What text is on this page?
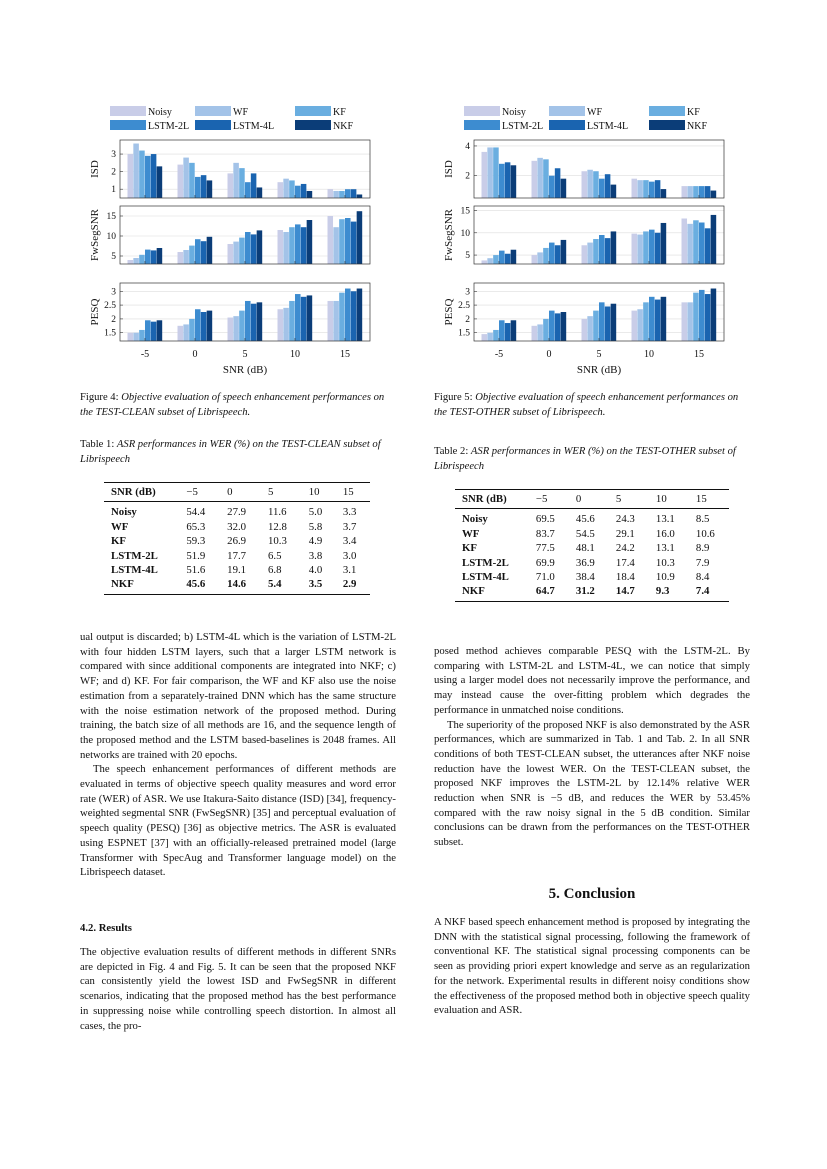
Noisy	WF	KF
LSTM-2L	LSTM-4L	NKF
1
2
3
ISD
5
10
15
FwSegSNR
1.5
2
2.5
3
PESQ
-5	0	5	10	15
SNR (dB)
Noisy	WF	KF
LSTM-2L	LSTM-4L	NKF
2
4
ISD
5
10
15
FwSegSNR
1.5
2
2.5
3
PESQ
-5	0	5	10	15
SNR (dB)
Figure 4: Objective evaluation of speech enhancement performances on the TEST-CLEAN subset of Librispeech.
Figure 5: Objective evaluation of speech enhancement performances on the TEST-OTHER subset of Librispeech.
Table 1: ASR performances in WER (%) on the TEST-CLEAN subset of Librispeech
Table 2: ASR performances in WER (%) on the TEST-OTHER subset of Librispeech
SNR (dB)	−5	0	5	10	15
Noisy	54.4	27.9	11.6	5.0	3.3
WF	65.3	32.0	12.8	5.8	3.7
KF	59.3	26.9	10.3	4.9	3.4
LSTM-2L	51.9	17.7	6.5	3.8	3.0
LSTM-4L	51.6	19.1	6.8	4.0	3.1
NKF	45.6	14.6	5.4	3.5	2.9
SNR (dB)	−5	0	5	10	15
Noisy	69.5	45.6	24.3	13.1	8.5
WF	83.7	54.5	29.1	16.0	10.6
KF	77.5	48.1	24.2	13.1	8.9
LSTM-2L	69.9	36.9	17.4	10.3	7.9
LSTM-4L	71.0	38.4	18.4	10.9	8.4
NKF	64.7	31.2	14.7	9.3	7.4

ual output is discarded; b) LSTM-4L which is the variation of LSTM-2L with four hidden LSTM layers, such that a larger LSTM network is compared with since additional components are integrated into NKF; c) WF; and d) KF. For fair comparison, the WF and KF also use the noise estimation from a separately-trained DNN which has the same structure with the noise estimation network of the proposed method. During training, the batch size of all methods are 16, and the sequence length of the proposed method and the LSTM based-baselines is 2048 frames. All networks are trained with 20 epochs.

The speech enhancement performances of different methods are evaluated in terms of objective speech quality measures and word error rate (WER) of ASR. We use Itakura-Saito distance (ISD) [34], frequency-weighted segmental SNR (FwSegSNR) [35] and perceptual evaluation of speech quality (PESQ) [36] as objective metrics. The ASR is evaluated using ESPNET [37] with an officially-released pretrained model (large Transformer with SpecAug and Transformer language model) on the Librispeech dataset.

4.2. Results

The objective evaluation results of different methods in different SNRs are depicted in Fig. 4 and Fig. 5. It can be seen that the proposed NKF can consistently yield the lowest ISD and FwSegSNR in different scenarios, indicating that the proposed method has the best performance in suppressing noise while controlling speech distortion. In almost all cases, the pro-

posed method achieves comparable PESQ with the LSTM-2L. By comparing with LSTM-2L and LSTM-4L, we can notice that simply using a larger model does not necessarily improve the performance, and may instead cause the over-fitting problem which degrades the performance in unmatched noise conditions.

The superiority of the proposed NKF is also demonstrated by the ASR performances, which are summarized in Tab. 1 and Tab. 2. In all SNR conditions of both TEST-CLEAN subset, the utterances after NKF noise reduction have the lowest WER. On the TEST-CLEAN subset, the proposed NKF improves the LSTM-2L by 12.14% relative WER reduction when SNR is −5 dB, and reduces the WER by 53.45% compared with the raw noisy signal in the 5 dB condition. Similar conclusions can be drawn from the performances on the TEST-OTHER subset.

5. Conclusion

A NKF based speech enhancement method is proposed by integrating the DNN with the statistical signal processing, following the framework of conventional KF. The statistical signal processing components can be seen as providing priori expert knowledge and serve as an regularization for the network. Experimental results in different noisy conditions show the effectiveness of the proposed method both in objective speech quality evaluation and ASR.
